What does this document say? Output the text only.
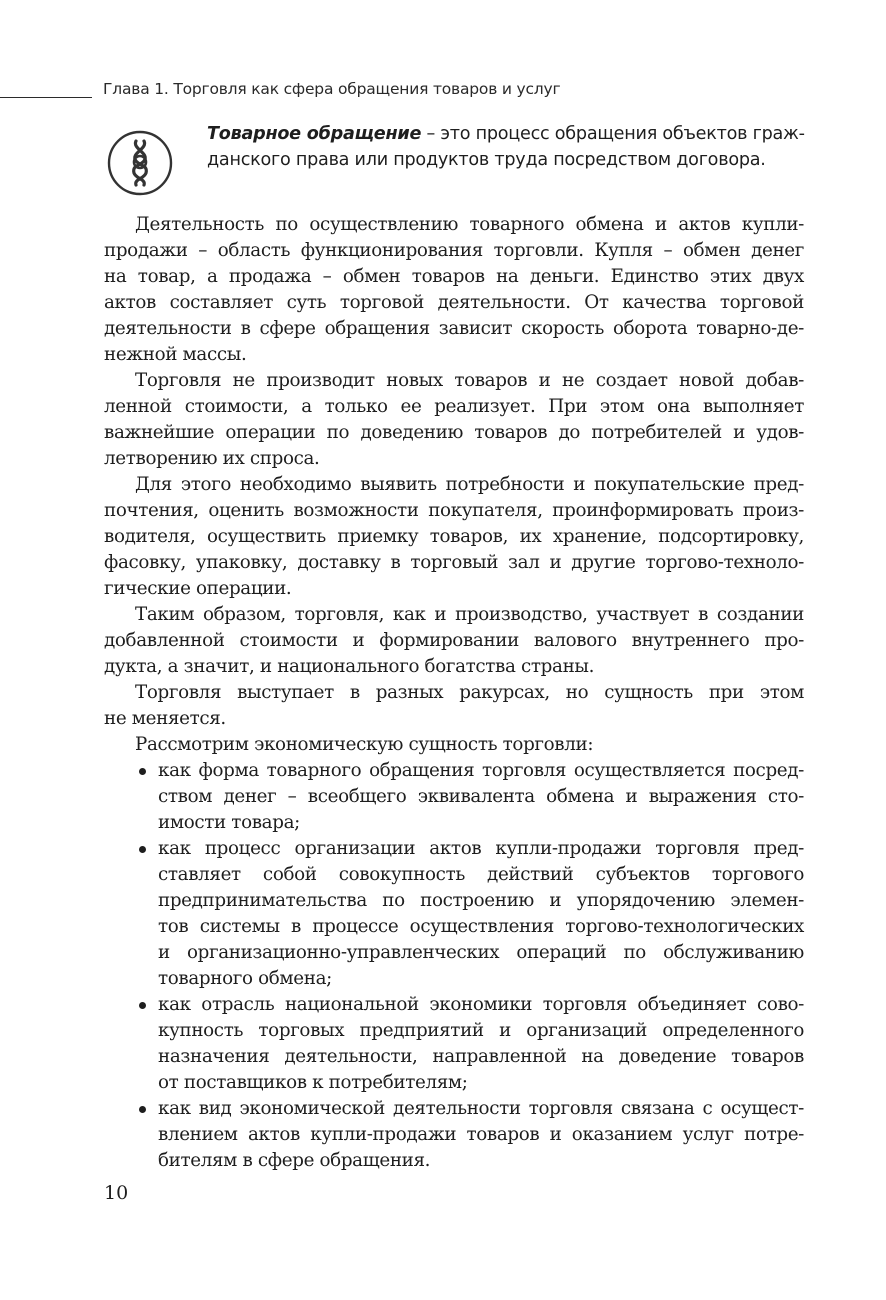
Глава 1. Торговля как сфера обращения товаров и услуг

Товарное обращение – это процесс обращения объектов граж-
данского права или продуктов труда посредством договора.

Деятельность по осуществлению товарного обмена и актов купли-
продажи – область функционирования торговли. Купля – обмен денег
на товар, а продажа – обмен товаров на деньги. Единство этих двух
актов составляет суть торговой деятельности. От качества торговой
деятельности в сфере обращения зависит скорость оборота товарно-де-
нежной массы.
Торговля не производит новых товаров и не создает новой добав-
ленной стоимости, а только ее реализует. При этом она выполняет
важнейшие операции по доведению товаров до потребителей и удов-
летворению их спроса.
Для этого необходимо выявить потребности и покупательские пред-
почтения, оценить возможности покупателя, проинформировать произ-
водителя, осуществить приемку товаров, их хранение, подсортировку,
фасовку, упаковку, доставку в торговый зал и другие торгово-техноло-
гические операции.
Таким образом, торговля, как и производство, участвует в создании
добавленной стоимости и формировании валового внутреннего про-
дукта, а значит, и национального богатства страны.
Торговля выступает в разных ракурсах, но сущность при этом
не меняется.
Рассмотрим экономическую сущность торговли:
как форма товарного обращения торговля осуществляется посред-
ством денег – всеобщего эквивалента обмена и выражения сто-
имости товара;
как процесс организации актов купли-продажи торговля пред-
ставляет собой совокупность действий субъектов торгового
предпринимательства по построению и упорядочению элемен-
тов системы в процессе осуществления торгово-технологических
и организационно-управленческих операций по обслуживанию
товарного обмена;
как отрасль национальной экономики торговля объединяет сово-
купность торговых предприятий и организаций определенного
назначения деятельности, направленной на доведение товаров
от поставщиков к потребителям;
как вид экономической деятельности торговля связана с осущест-
влением актов купли-продажи товаров и оказанием услуг потре-
бителям в сфере обращения.

10
